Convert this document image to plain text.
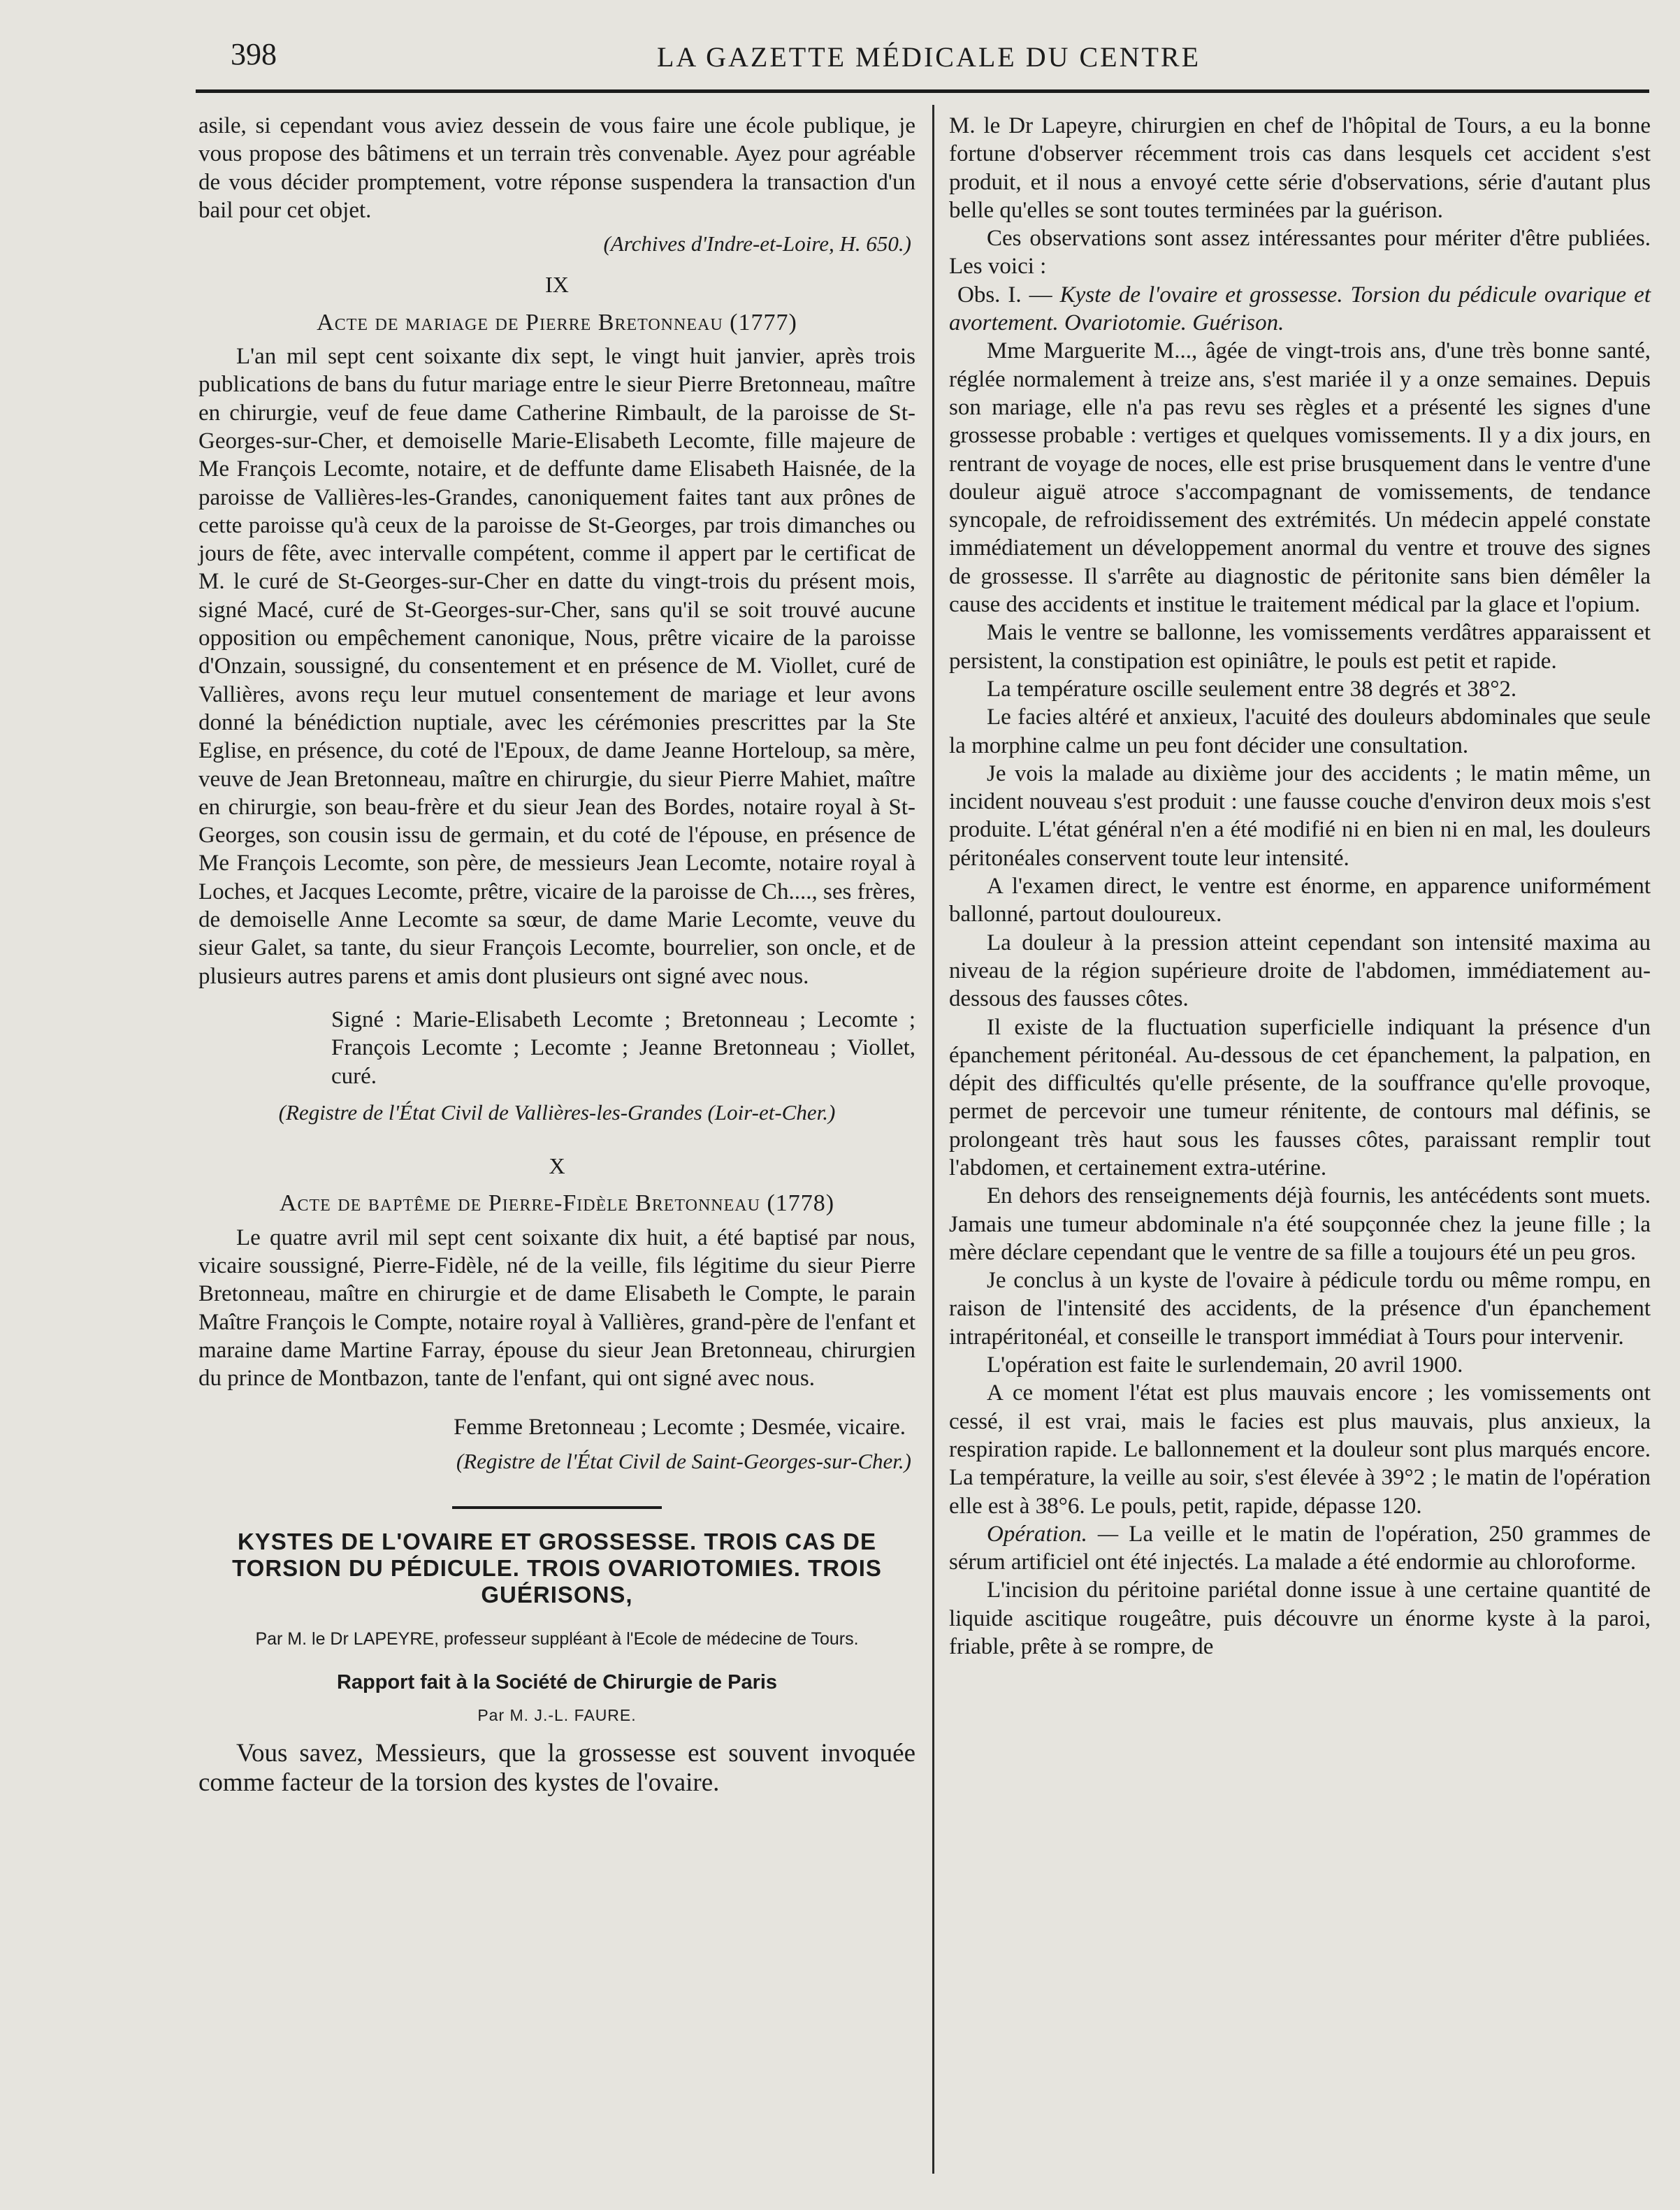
398	LA GAZETTE MÉDICALE DU CENTRE

asile, si cependant vous aviez dessein de vous faire une école publique, je vous propose des bâtimens et un terrain très convenable. Ayez pour agréable de vous décider promptement, votre réponse suspendera la transaction d'un bail pour cet objet.

(Archives d'Indre-et-Loire, H. 650.)

IX

Acte de mariage de Pierre Bretonneau (1777)

L'an mil sept cent soixante dix sept, le vingt huit janvier, après trois publications de bans du futur mariage entre le sieur Pierre Bretonneau, maître en chirurgie, veuf de feue dame Catherine Rimbault, de la paroisse de St-Georges-sur-Cher, et demoiselle Marie-Elisabeth Lecomte, fille majeure de Me François Lecomte, notaire, et de deffunte dame Elisabeth Haisnée, de la paroisse de Vallières-les-Grandes, canoniquement faites tant aux prônes de cette paroisse qu'à ceux de la paroisse de St-Georges, par trois dimanches ou jours de fête, avec intervalle compétent, comme il appert par le certificat de M. le curé de St-Georges-sur-Cher en datte du vingt-trois du présent mois, signé Macé, curé de St-Georges-sur-Cher, sans qu'il se soit trouvé aucune opposition ou empêchement canonique, Nous, prêtre vicaire de la paroisse d'Onzain, soussigné, du consentement et en présence de M. Viollet, curé de Vallières, avons reçu leur mutuel consentement de mariage et leur avons donné la bénédiction nuptiale, avec les cérémonies prescrittes par la Ste Eglise, en présence, du coté de l'Epoux, de dame Jeanne Horteloup, sa mère, veuve de Jean Bretonneau, maître en chirurgie, du sieur Pierre Mahiet, maître en chirurgie, son beau-frère et du sieur Jean des Bordes, notaire royal à St-Georges, son cousin issu de germain, et du coté de l'épouse, en présence de Me François Lecomte, son père, de messieurs Jean Lecomte, notaire royal à Loches, et Jacques Lecomte, prêtre, vicaire de la paroisse de Ch...., ses frères, de demoiselle Anne Lecomte sa sœur, de dame Marie Lecomte, veuve du sieur Galet, sa tante, du sieur François Lecomte, bourrelier, son oncle, et de plusieurs autres parens et amis dont plusieurs ont signé avec nous.

Signé : Marie-Elisabeth Lecomte ; Bretonneau ; Lecomte ; François Lecomte ; Lecomte ; Jeanne Bretonneau ; Viollet, curé.

(Registre de l'État Civil de Vallières-les-Grandes (Loir-et-Cher.)

X

Acte de baptême de Pierre-Fidèle Bretonneau (1778)

Le quatre avril mil sept cent soixante dix huit, a été baptisé par nous, vicaire soussigné, Pierre-Fidèle, né de la veille, fils légitime du sieur Pierre Bretonneau, maître en chirurgie et de dame Elisabeth le Compte, le parain Maître François le Compte, notaire royal à Vallières, grand-père de l'enfant et maraine dame Martine Farray, épouse du sieur Jean Bretonneau, chirurgien du prince de Montbazon, tante de l'enfant, qui ont signé avec nous.

Femme Bretonneau ; Lecomte ; Desmée, vicaire.

(Registre de l'État Civil de Saint-Georges-sur-Cher.)

KYSTES DE L'OVAIRE ET GROSSESSE. TROIS CAS DE TORSION DU PÉDICULE. TROIS OVARIOTOMIES. TROIS GUÉRISONS,

Par M. le Dr LAPEYRE, professeur suppléant à l'Ecole de médecine de Tours.

Rapport fait à la Société de Chirurgie de Paris

Par M. J.-L. FAURE.

Vous savez, Messieurs, que la grossesse est souvent invoquée comme facteur de la torsion des kystes de l'ovaire.

M. le Dr Lapeyre, chirurgien en chef de l'hôpital de Tours, a eu la bonne fortune d'observer récemment trois cas dans lesquels cet accident s'est produit, et il nous a envoyé cette série d'observations, série d'autant plus belle qu'elles se sont toutes terminées par la guérison.

Ces observations sont assez intéressantes pour mériter d'être publiées. Les voici :

Obs. I. — Kyste de l'ovaire et grossesse. Torsion du pédicule ovarique et avortement. Ovariotomie. Guérison.

Mme Marguerite M..., âgée de vingt-trois ans, d'une très bonne santé, réglée normalement à treize ans, s'est mariée il y a onze semaines. Depuis son mariage, elle n'a pas revu ses règles et a présenté les signes d'une grossesse probable : vertiges et quelques vomissements. Il y a dix jours, en rentrant de voyage de noces, elle est prise brusquement dans le ventre d'une douleur aiguë atroce s'accompagnant de vomissements, de tendance syncopale, de refroidissement des extrémités. Un médecin appelé constate immédiatement un développement anormal du ventre et trouve des signes de grossesse. Il s'arrête au diagnostic de péritonite sans bien démêler la cause des accidents et institue le traitement médical par la glace et l'opium.

Mais le ventre se ballonne, les vomissements verdâtres apparaissent et persistent, la constipation est opiniâtre, le pouls est petit et rapide.

La température oscille seulement entre 38 degrés et 38°2.

Le facies altéré et anxieux, l'acuité des douleurs abdominales que seule la morphine calme un peu font décider une consultation.

Je vois la malade au dixième jour des accidents ; le matin même, un incident nouveau s'est produit : une fausse couche d'environ deux mois s'est produite. L'état général n'en a été modifié ni en bien ni en mal, les douleurs péritonéales conservent toute leur intensité.

A l'examen direct, le ventre est énorme, en apparence uniformément ballonné, partout douloureux.

La douleur à la pression atteint cependant son intensité maxima au niveau de la région supérieure droite de l'abdomen, immédiatement au-dessous des fausses côtes.

Il existe de la fluctuation superficielle indiquant la présence d'un épanchement péritonéal. Au-dessous de cet épanchement, la palpation, en dépit des difficultés qu'elle présente, de la souffrance qu'elle provoque, permet de percevoir une tumeur rénitente, de contours mal définis, se prolongeant très haut sous les fausses côtes, paraissant remplir tout l'abdomen, et certainement extra-utérine.

En dehors des renseignements déjà fournis, les antécédents sont muets. Jamais une tumeur abdominale n'a été soupçonnée chez la jeune fille ; la mère déclare cependant que le ventre de sa fille a toujours été un peu gros.

Je conclus à un kyste de l'ovaire à pédicule tordu ou même rompu, en raison de l'intensité des accidents, de la présence d'un épanchement intrapéritonéal, et conseille le transport immédiat à Tours pour intervenir.

L'opération est faite le surlendemain, 20 avril 1900.

A ce moment l'état est plus mauvais encore ; les vomissements ont cessé, il est vrai, mais le facies est plus mauvais, plus anxieux, la respiration rapide. Le ballonnement et la douleur sont plus marqués encore. La température, la veille au soir, s'est élevée à 39°2 ; le matin de l'opération elle est à 38°6. Le pouls, petit, rapide, dépasse 120.

Opération. — La veille et le matin de l'opération, 250 grammes de sérum artificiel ont été injectés. La malade a été endormie au chloroforme.

L'incision du péritoine pariétal donne issue à une certaine quantité de liquide ascitique rougeâtre, puis découvre un énorme kyste à la paroi, friable, prête à se rompre, de
